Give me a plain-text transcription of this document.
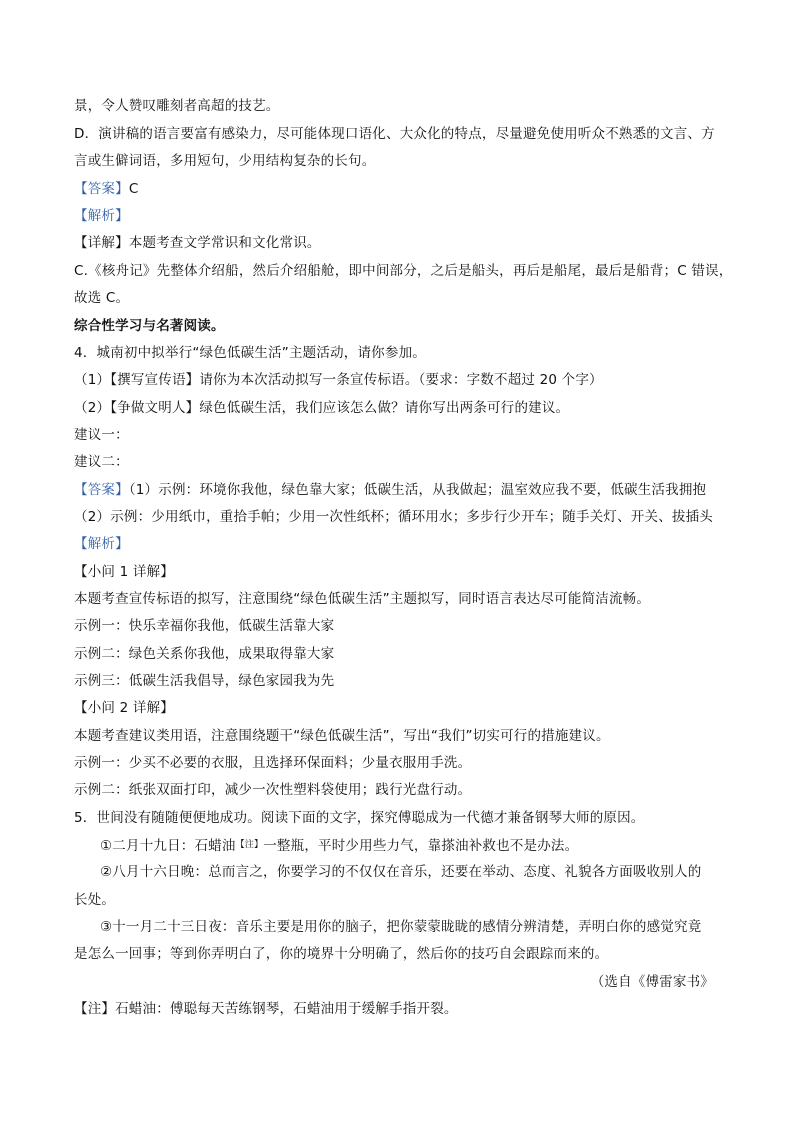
景，令人赞叹雕刻者高超的技艺。
D．演讲稿的语言要富有感染力，尽可能体现口语化、大众化的特点，尽量避免使用听众不熟悉的文言、方
言或生僻词语，多用短句，少用结构复杂的长句。
【答案】C
【解析】
【详解】本题考查文学常识和文化常识。
C.《核舟记》先整体介绍船，然后介绍船舱，即中间部分，之后是船头，再后是船尾，最后是船背；C 错误，
故选 C。
综合性学习与名著阅读。
4．城南初中拟举行“绿色低碳生活”主题活动，请你参加。
（1）【撰写宣传语】请你为本次活动拟写一条宣传标语。（要求：字数不超过 20 个字）
（2）【争做文明人】绿色低碳生活，我们应该怎么做？请你写出两条可行的建议。
建议一：
建议二：
【答案】（1）示例：环境你我他，绿色靠大家；低碳生活，从我做起；温室效应我不要，低碳生活我拥抱
（2）示例：少用纸巾，重拾手帕；少用一次性纸杯；循环用水；多步行少开车；随手关灯、开关、拔插头
【解析】
【小问 1 详解】
本题考查宣传标语的拟写，注意围绕“绿色低碳生活”主题拟写，同时语言表达尽可能简洁流畅。
示例一：快乐幸福你我他，低碳生活靠大家
示例二：绿色关系你我他，成果取得靠大家
示例三：低碳生活我倡导，绿色家园我为先
【小问 2 详解】
本题考查建议类用语，注意围绕题干“绿色低碳生活”，写出“我们”切实可行的措施建议。
示例一：少买不必要的衣服，且选择环保面料；少量衣服用手洗。
示例二：纸张双面打印，减少一次性塑料袋使用；践行光盘行动。
5．世间没有随随便便地成功。阅读下面的文字，探究傅聪成为一代德才兼备钢琴大师的原因。
①二月十九日：石蜡油$^{【注】}$一整瓶，平时少用些力气，靠搽油补救也不是办法。
②八月十六日晚：总而言之，你要学习的不仅仅在音乐，还要在举动、态度、礼貌各方面吸收别人的
长处。
③十一月二十三日夜：音乐主要是用你的脑子，把你蒙蒙眬眬的感情分辨清楚，弄明白你的感觉究竟
是怎么一回事；等到你弄明白了，你的境界十分明确了，然后你的技巧自会跟踪而来的。
（选自《傅雷家书》
【注】石蜡油：傅聪每天苦练钢琴，石蜡油用于缓解手指开裂。
